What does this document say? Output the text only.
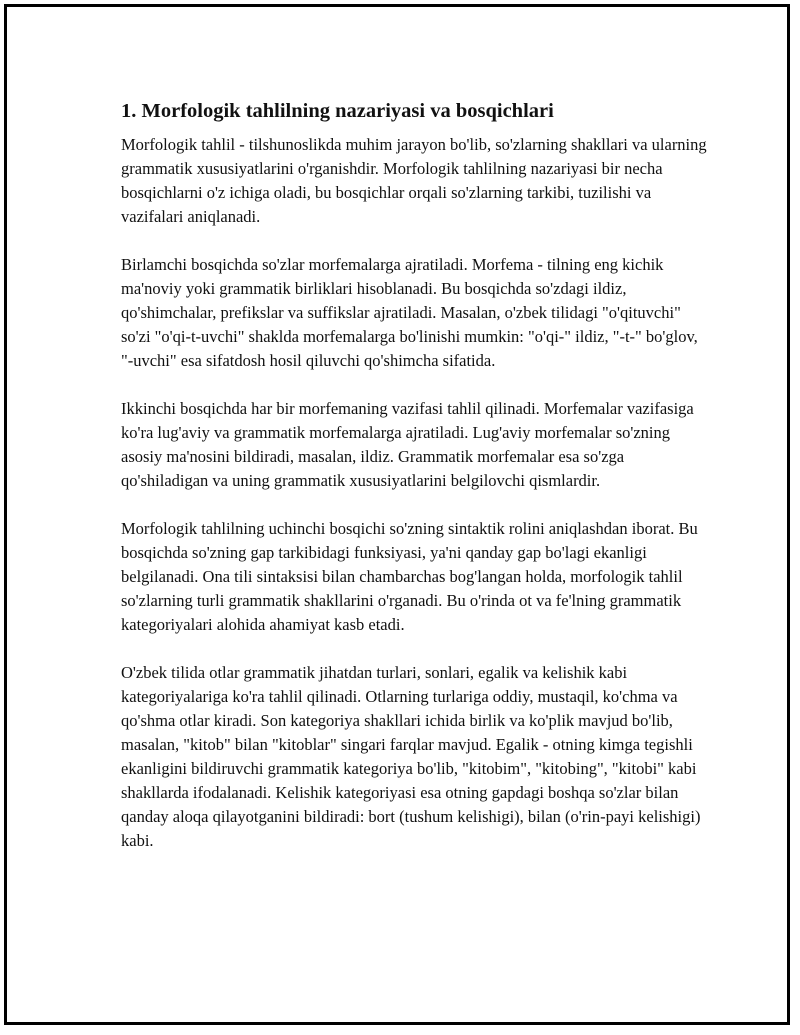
1. Morfologik tahlilning nazariyasi va bosqichlari

Morfologik tahlil - tilshunoslikda muhim jarayon bo'lib, so'zlarning shakllari va ularning grammatik xususiyatlarini o'rganishdir. Morfologik tahlilning nazariyasi bir necha bosqichlarni o'z ichiga oladi, bu bosqichlar orqali so'zlarning tarkibi, tuzilishi va vazifalari aniqlanadi.

Birlamchi bosqichda so'zlar morfemalarga ajratiladi. Morfema - tilning eng kichik ma'noviy yoki grammatik birliklari hisoblanadi. Bu bosqichda so'zdagi ildiz, qo'shimchalar, prefikslar va suffikslar ajratiladi. Masalan, o'zbek tilidagi "o'qituvchi" so'zi "o'qi-t-uvchi" shaklda morfemalarga bo'linishi mumkin: "o'qi-" ildiz, "-t-" bo'glov, "-uvchi" esa sifatdosh hosil qiluvchi qo'shimcha sifatida.

Ikkinchi bosqichda har bir morfemaning vazifasi tahlil qilinadi. Morfemalar vazifasiga ko'ra lug'aviy va grammatik morfemalarga ajratiladi. Lug'aviy morfemalar so'zning asosiy ma'nosini bildiradi, masalan, ildiz. Grammatik morfemalar esa so'zga qo'shiladigan va uning grammatik xususiyatlarini belgilovchi qismlardir.

Morfologik tahlilning uchinchi bosqichi so'zning sintaktik rolini aniqlashdan iborat. Bu bosqichda so'zning gap tarkibidagi funksiyasi, ya'ni qanday gap bo'lagi ekanligi belgilanadi. Ona tili sintaksisi bilan chambarchas bog'langan holda, morfologik tahlil so'zlarning turli grammatik shakllarini o'rganadi. Bu o'rinda ot va fe'lning grammatik kategoriyalari alohida ahamiyat kasb etadi.

O'zbek tilida otlar grammatik jihatdan turlari, sonlari, egalik va kelishik kabi kategoriyalariga ko'ra tahlil qilinadi. Otlarning turlariga oddiy, mustaqil, ko'chma va qo'shma otlar kiradi. Son kategoriya shakllari ichida birlik va ko'plik mavjud bo'lib, masalan, "kitob" bilan "kitoblar" singari farqlar mavjud. Egalik - otning kimga tegishli ekanligini bildiruvchi grammatik kategoriya bo'lib, "kitobim", "kitobing", "kitobi" kabi shakllarda ifodalanadi. Kelishik kategoriyasi esa otning gapdagi boshqa so'zlar bilan qanday aloqa qilayotganini bildiradi: bort (tushum kelishigi), bilan (o'rin-payi kelishigi) kabi.
